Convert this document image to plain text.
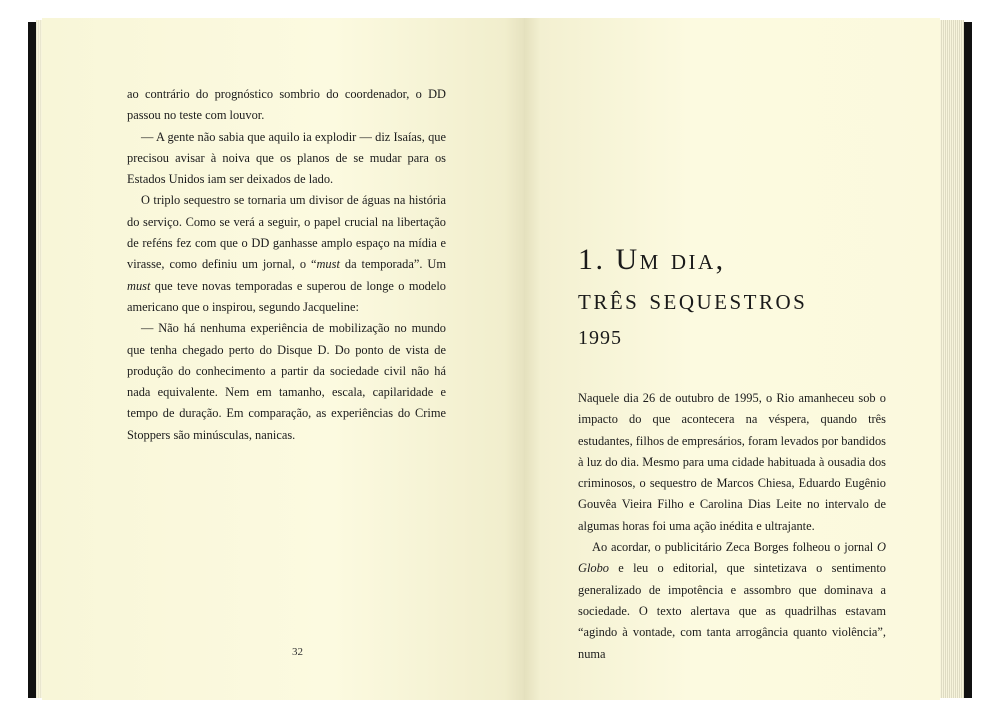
ao contrário do prognóstico sombrio do coordenador, o DD passou no teste com louvor.

— A gente não sabia que aquilo ia explodir — diz Isaías, que precisou avisar à noiva que os planos de se mudar para os Estados Unidos iam ser deixados de lado.

O triplo sequestro se tornaria um divisor de águas na história do serviço. Como se verá a seguir, o papel crucial na libertação de reféns fez com que o DD ganhasse amplo espaço na mídia e virasse, como definiu um jornal, o “must da temporada”. Um must que teve novas temporadas e superou de longe o modelo americano que o inspirou, segundo Jacqueline:

— Não há nenhuma experiência de mobilização no mundo que tenha chegado perto do Disque D. Do ponto de vista de produção do conhecimento a partir da sociedade civil não há nada equivalente. Nem em tamanho, escala, capilaridade e tempo de duração. Em comparação, as experiências do Crime Stoppers são minúsculas, nanicas.

32
1. Um dia,
três sequestros
1995

Naquele dia 26 de outubro de 1995, o Rio amanheceu sob o impacto do que acontecera na véspera, quando três estudantes, filhos de empresários, foram levados por bandidos à luz do dia. Mesmo para uma cidade habituada à ousadia dos criminosos, o sequestro de Marcos Chiesa, Eduardo Eugênio Gouvêa Vieira Filho e Carolina Dias Leite no intervalo de algumas horas foi uma ação inédita e ultrajante.

Ao acordar, o publicitário Zeca Borges folheou o jornal O Globo e leu o editorial, que sintetizava o sentimento generalizado de impotência e assombro que dominava a sociedade. O texto alertava que as quadrilhas estavam “agindo à vontade, com tanta arrogância quanto violência”, numa
